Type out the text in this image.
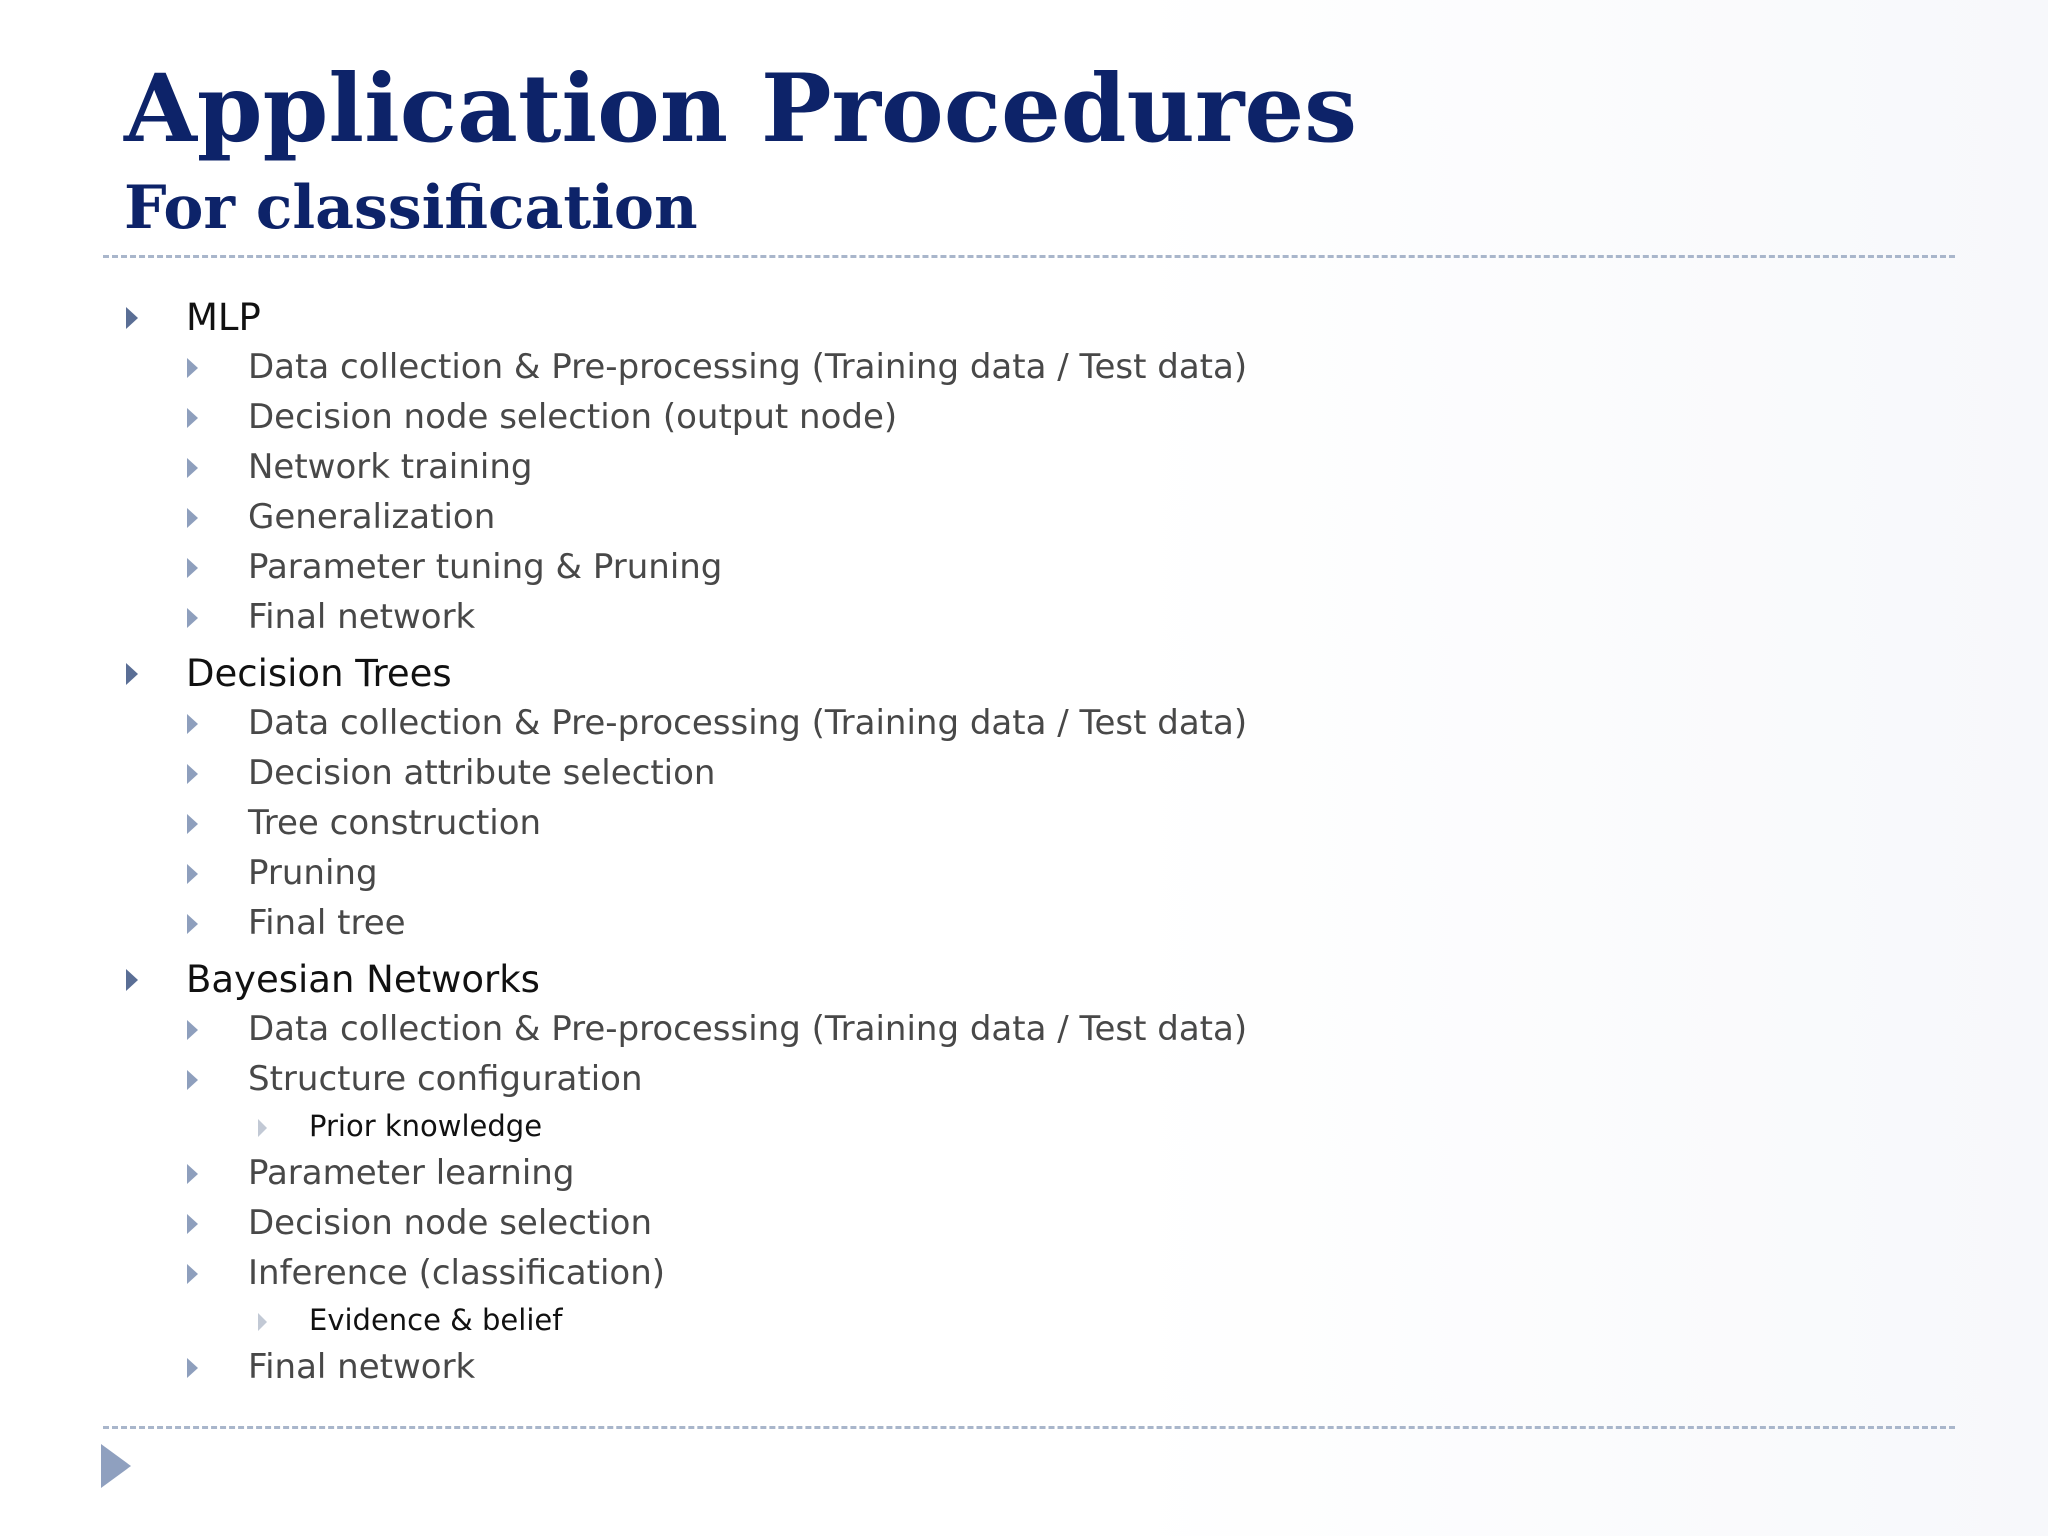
Application Procedures
For classification
MLP
Data collection & Pre-processing (Training data / Test data)
Decision node selection (output node)
Network training
Generalization
Parameter tuning & Pruning
Final network
Decision Trees
Data collection & Pre-processing (Training data / Test data)
Decision attribute selection
Tree construction
Pruning
Final tree
Bayesian Networks
Data collection & Pre-processing (Training data / Test data)
Structure configuration
Prior knowledge
Parameter learning
Decision node selection
Inference (classification)
Evidence & belief
Final network
